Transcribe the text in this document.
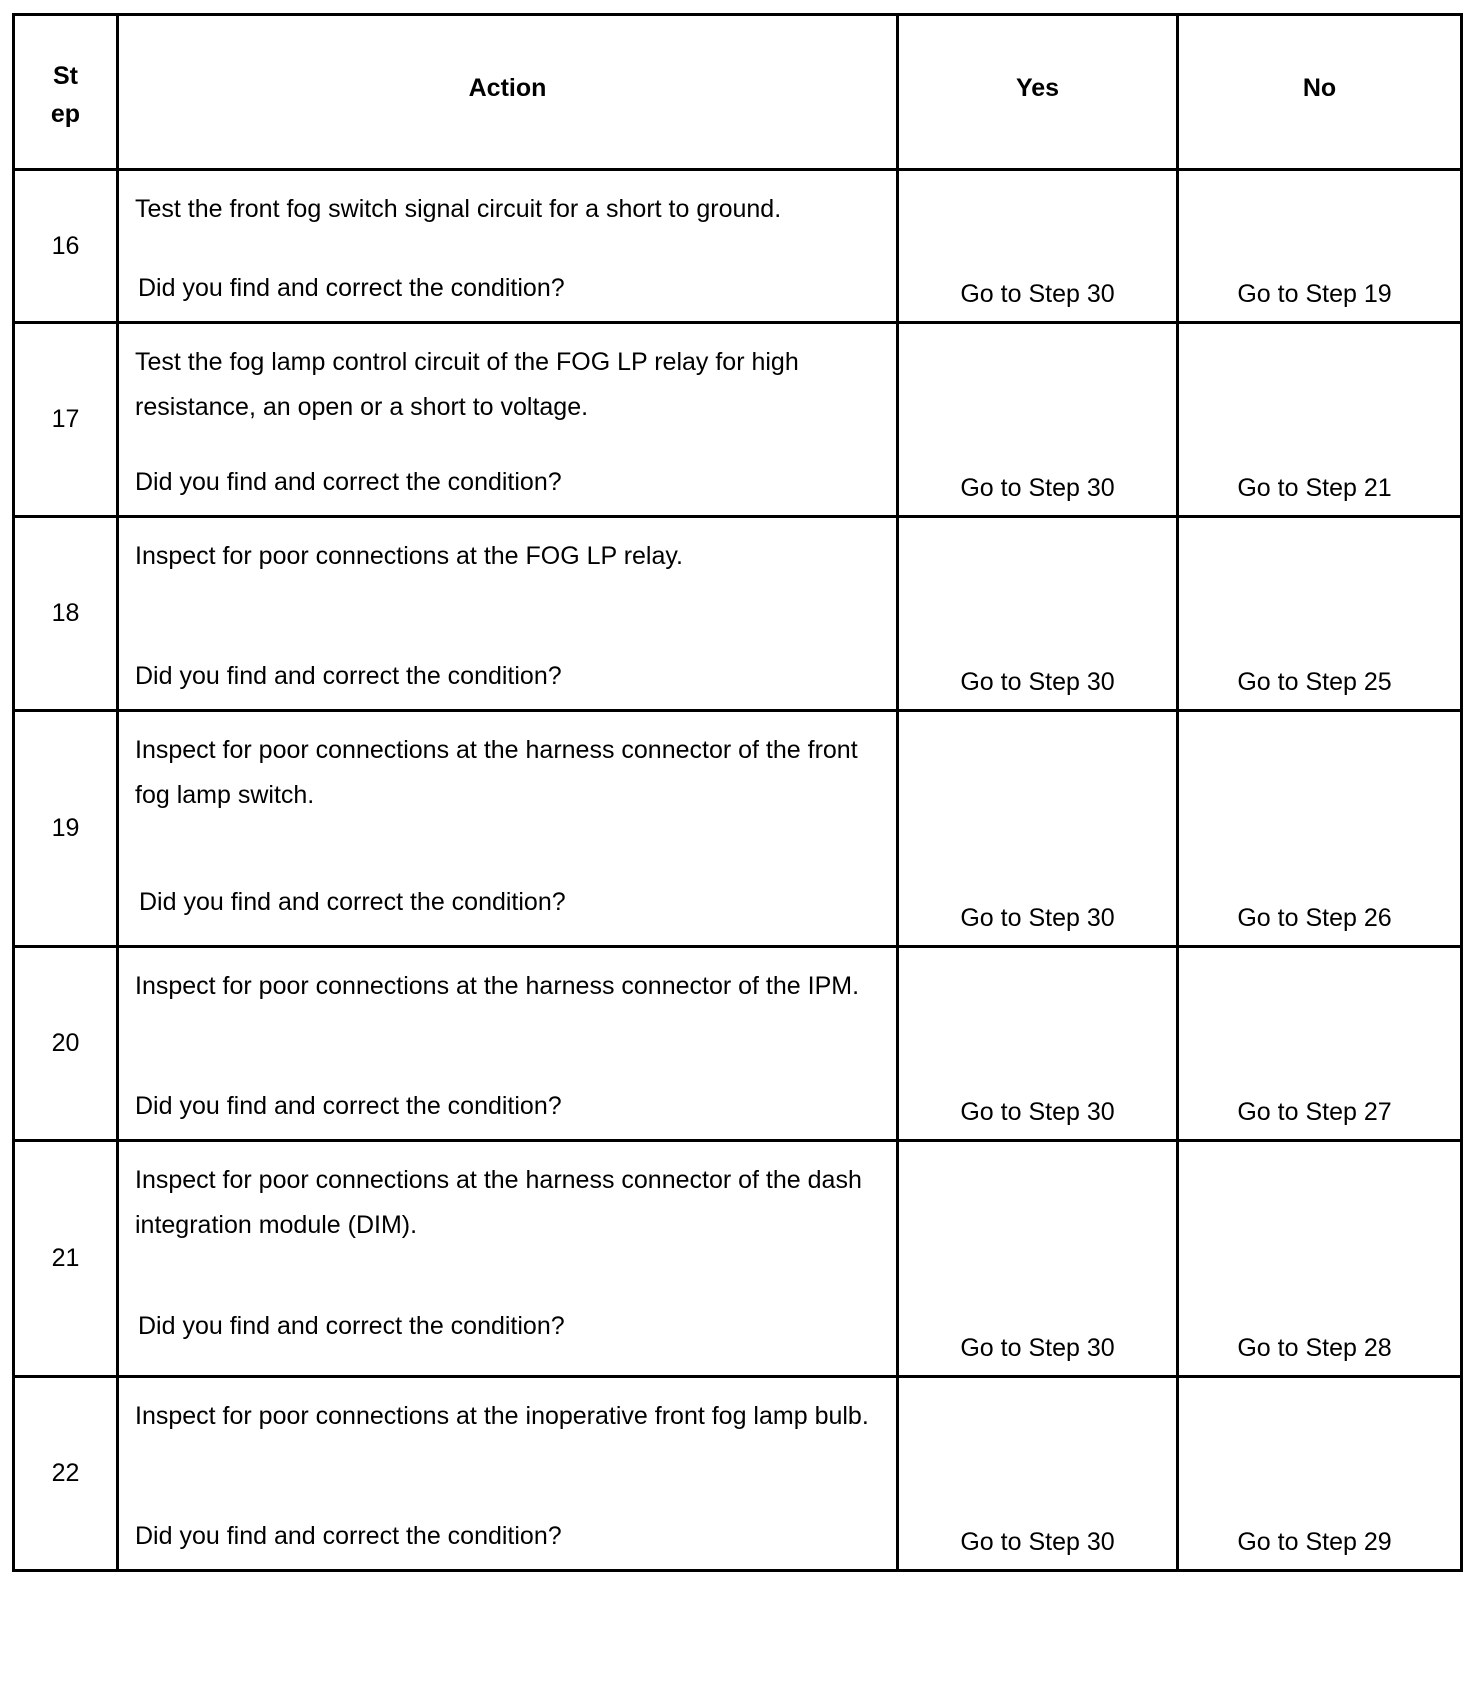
St
ep	Action	Yes	No
16	Test the front fog switch signal circuit for a short to ground.
Did you find and correct the condition?	Go to Step 30	Go to Step 19
17	Test the fog lamp control circuit of the FOG LP relay for high resistance, an open or a short to voltage.
Did you find and correct the condition?	Go to Step 30	Go to Step 21
18	Inspect for poor connections at the FOG LP relay.
Did you find and correct the condition?	Go to Step 30	Go to Step 25
19	Inspect for poor connections at the harness connector of the front fog lamp switch.
Did you find and correct the condition?	Go to Step 30	Go to Step 26
20	Inspect for poor connections at the harness connector of the IPM.
Did you find and correct the condition?	Go to Step 30	Go to Step 27
21	Inspect for poor connections at the harness connector of the dash integration module (DIM).
Did you find and correct the condition?	Go to Step 30	Go to Step 28
22	Inspect for poor connections at the inoperative front fog lamp bulb.
Did you find and correct the condition?	Go to Step 30	Go to Step 29
